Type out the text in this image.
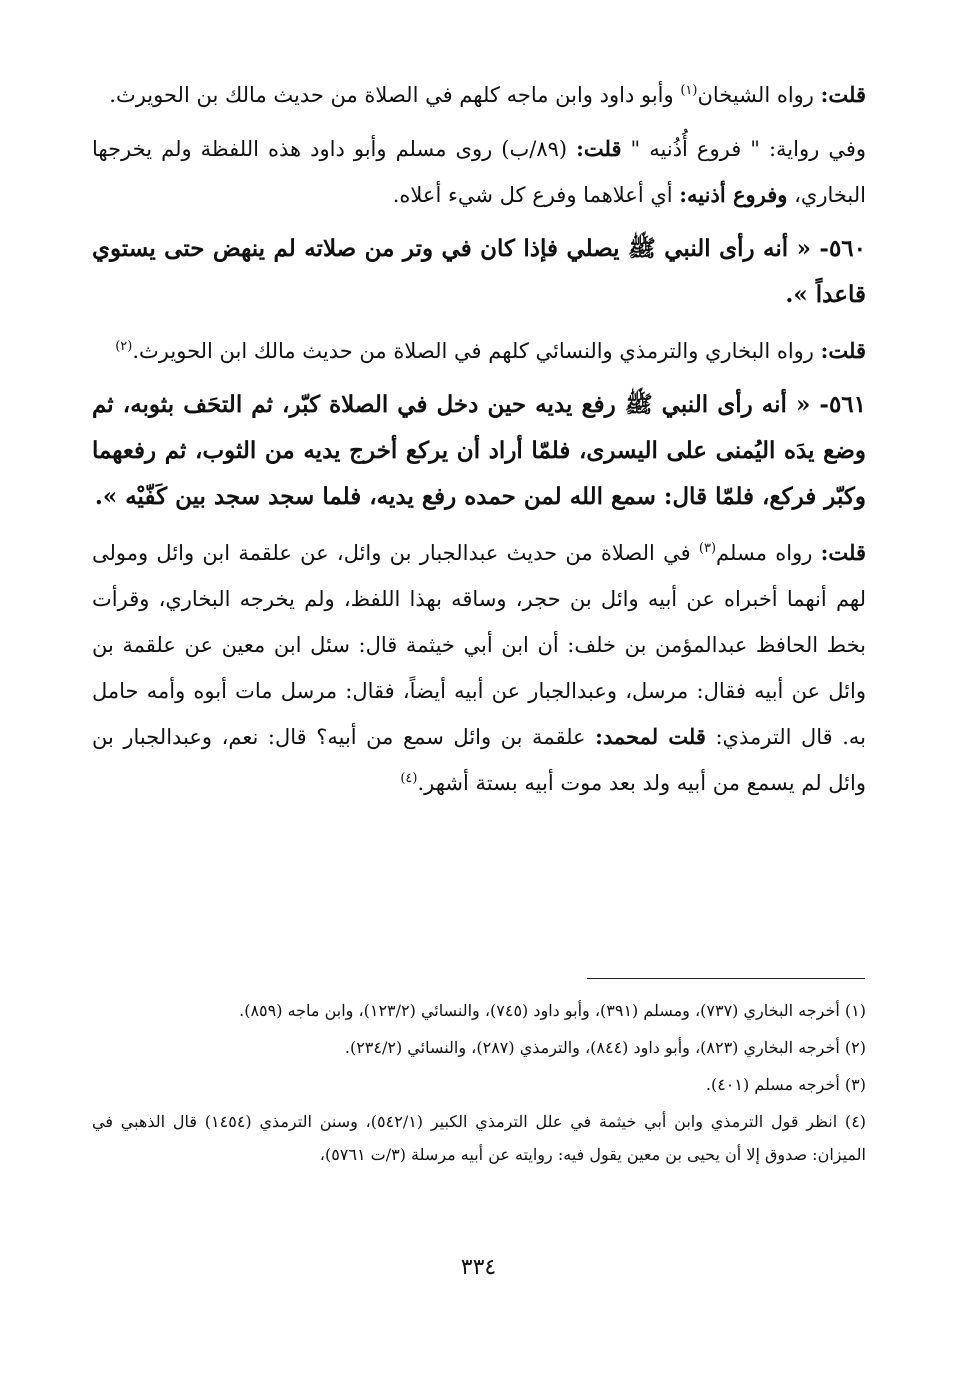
قلت: رواه الشيخان$^{(١)}$ وأبو داود وابن ماجه كلهم في الصلاة من حديث مالك بن الحويرث.

وفي رواية: " فروع أُذُنيه " قلت: (٨٩/ب) روى مسلم وأبو داود هذه اللفظة ولم يخرجها البخاري، وفروع أذنيه: أي أعلاهما وفرع كل شيء أعلاه.

٥٦٠- « أنه رأى النبي ﷺ يصلي فإذا كان في وتر من صلاته لم ينهض حتى يستوي قاعداً ».

قلت: رواه البخاري والترمذي والنسائي كلهم في الصلاة من حديث مالك ابن الحويرث.$^{(٢)}$

٥٦١- « أنه رأى النبي ﷺ رفع يديه حين دخل في الصلاة كبّر، ثم التحَف بثوبه، ثم وضع يدَه اليُمنى على اليسرى، فلمّا أراد أن يركع أخرج يديه من الثوب، ثم رفعهما وكبّر فركع، فلمّا قال: سمع الله لمن حمده رفع يديه، فلما سجد سجد بين كَفّيْه ».

قلت: رواه مسلم$^{(٣)}$ في الصلاة من حديث عبدالجبار بن وائل، عن علقمة ابن وائل ومولى لهم أنهما أخبراه عن أبيه وائل بن حجر، وساقه بهذا اللفظ، ولم يخرجه البخاري، وقرأت بخط الحافظ عبدالمؤمن بن خلف: أن ابن أبي خيثمة قال: سئل ابن معين عن علقمة بن وائل عن أبيه فقال: مرسل، وعبدالجبار عن أبيه أيضاً، فقال: مرسل مات أبوه وأمه حامل به. قال الترمذي: قلت لمحمد: علقمة بن وائل سمع من أبيه؟ قال: نعم، وعبدالجبار بن وائل لم يسمع من أبيه ولد بعد موت أبيه بستة أشهر.$^{(٤)}$

(١) أخرجه البخاري (٧٣٧)، ومسلم (٣٩١)، وأبو داود (٧٤٥)، والنسائي (١٢٣/٢)، وابن ماجه (٨٥٩).

(٢) أخرجه البخاري (٨٢٣)، وأبو داود (٨٤٤)، والترمذي (٢٨٧)، والنسائي (٢٣٤/٢).

(٣) أخرجه مسلم (٤٠١).

(٤) انظر قول الترمذي وابن أبي خيثمة في علل الترمذي الكبير (٥٤٢/١)، وسنن الترمذي (١٤٥٤) قال الذهبي في الميزان: صدوق إلا أن يحيى بن معين يقول فيه: روايته عن أبيه مرسلة (٣/ت ٥٧٦١)،

٣٣٤
